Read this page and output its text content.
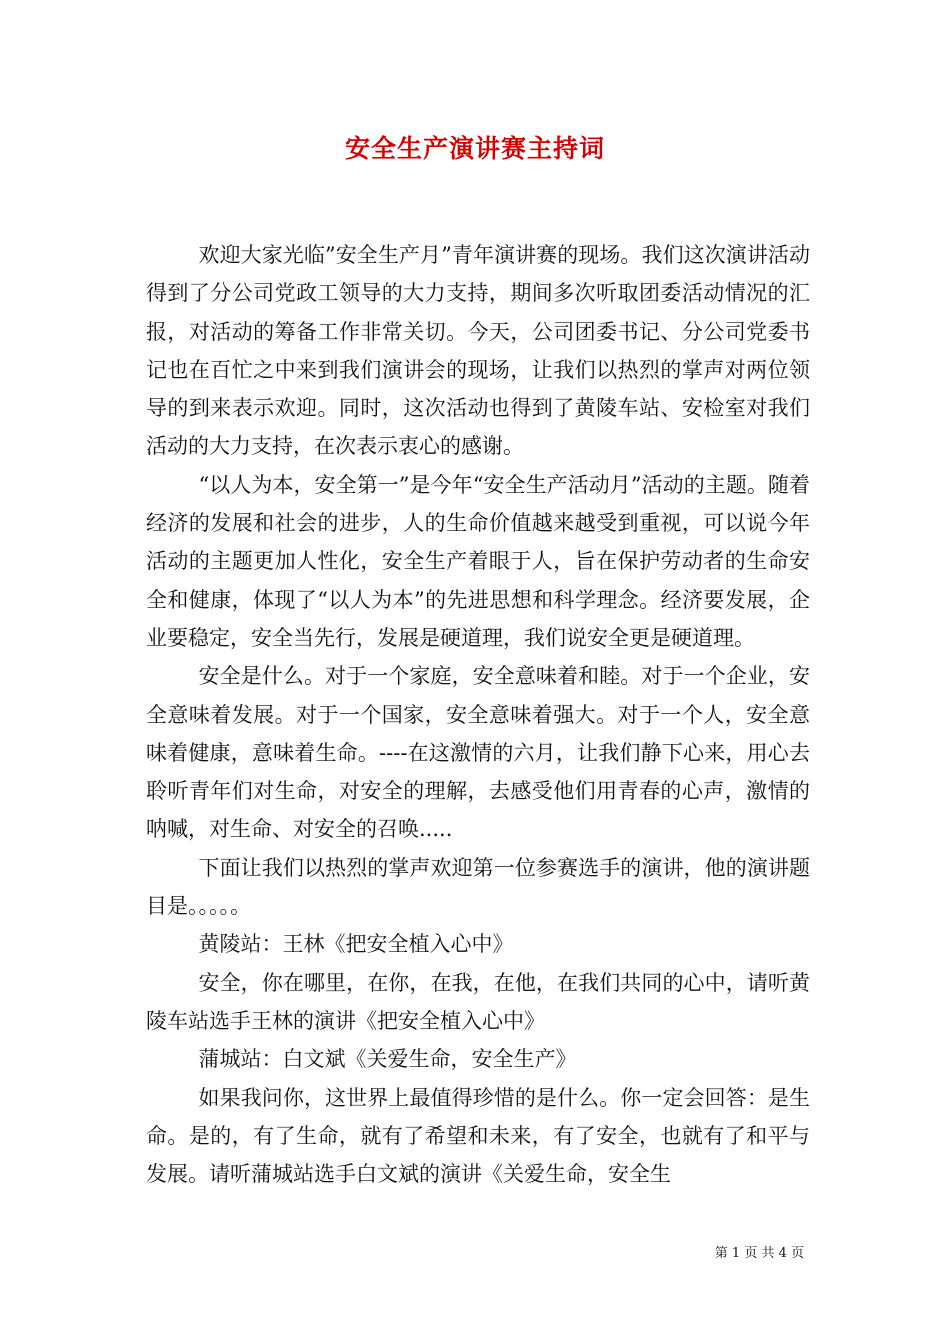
安全生产演讲赛主持词

欢迎大家光临”安全生产月”青年演讲赛的现场。我们这次演讲活动得到了分公司党政工领导的大力支持，期间多次听取团委活动情况的汇报，对活动的筹备工作非常关切。今天，公司团委书记、分公司党委书记也在百忙之中来到我们演讲会的现场，让我们以热烈的掌声对两位领导的到来表示欢迎。同时，这次活动也得到了黄陵车站、安检室对我们活动的大力支持，在次表示衷心的感谢。

“以人为本，安全第一”是今年“安全生产活动月”活动的主题。随着经济的发展和社会的进步，人的生命价值越来越受到重视，可以说今年活动的主题更加人性化，安全生产着眼于人，旨在保护劳动者的生命安全和健康，体现了“以人为本”的先进思想和科学理念。经济要发展，企业要稳定，安全当先行，发展是硬道理，我们说安全更是硬道理。

安全是什么。对于一个家庭，安全意味着和睦。对于一个企业，安全意味着发展。对于一个国家，安全意味着强大。对于一个人，安全意味着健康，意味着生命。----在这激情的六月，让我们静下心来，用心去聆听青年们对生命，对安全的理解，去感受他们用青春的心声，激情的呐喊，对生命、对安全的召唤.....

下面让我们以热烈的掌声欢迎第一位参赛选手的演讲，他的演讲题目是。。。。。

黄陵站：王林《把安全植入心中》

安全，你在哪里，在你，在我，在他，在我们共同的心中，请听黄陵车站选手王林的演讲《把安全植入心中》

蒲城站：白文斌《关爱生命，安全生产》

如果我问你，这世界上最值得珍惜的是什么。你一定会回答：是生命。是的，有了生命，就有了希望和未来，有了安全，也就有了和平与发展。请听蒲城站选手白文斌的演讲《关爱生命，安全生

第 1 页 共 4 页
